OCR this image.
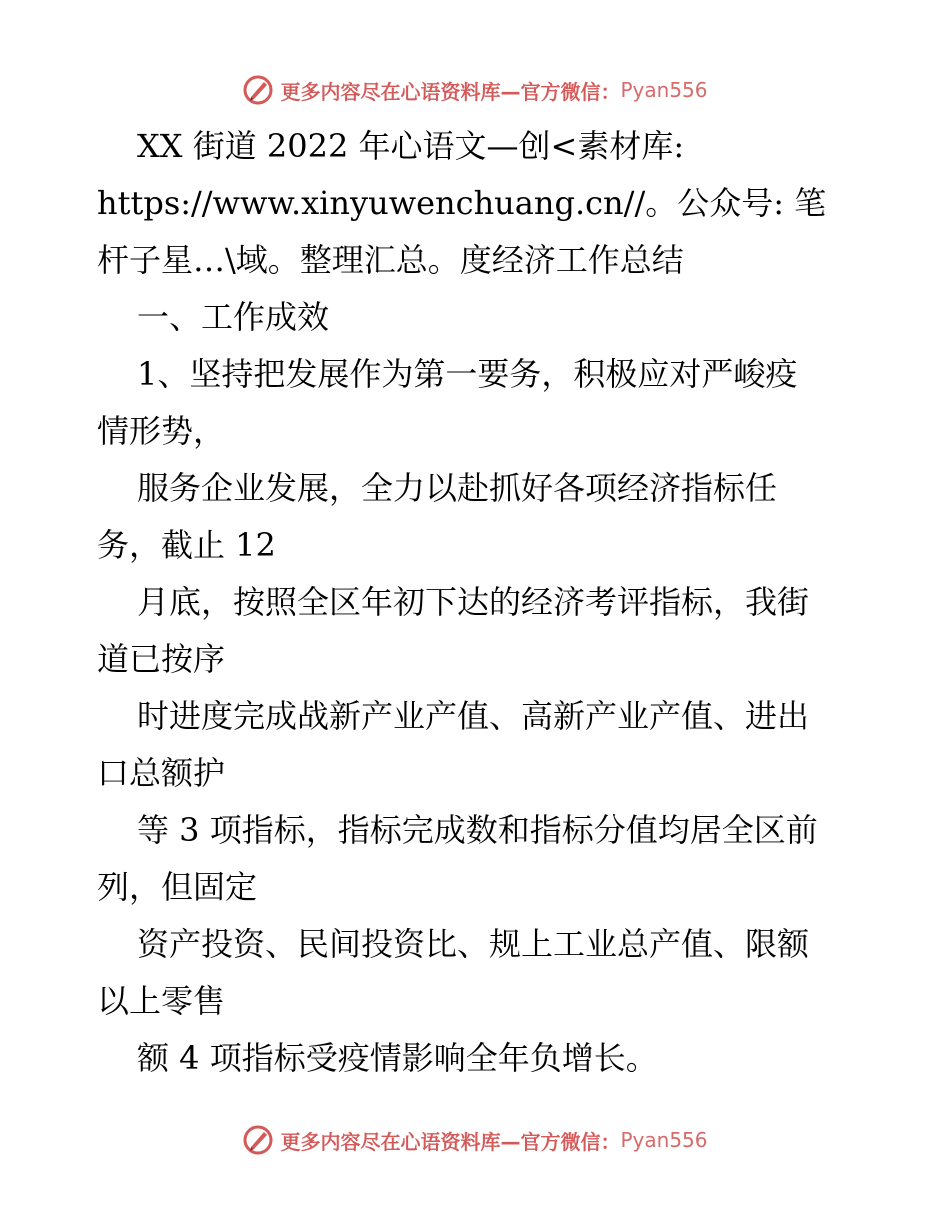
更多内容尽在心语资料库—官方微信： Pyan556
XX 街道 2022 年心语文—创<素材库:
https://www.xinyuwenchuang.cn//。公众号: 笔
杆子星…\域。整理汇总。度经济工作总结
一、工作成效
1、坚持把发展作为第一要务，积极应对严峻疫
情形势，
服务企业发展，全力以赴抓好各项经济指标任
务，截止 12
月底，按照全区年初下达的经济考评指标，我街
道已按序
时进度完成战新产业产值、高新产业产值、进出
口总额护
等 3 项指标，指标完成数和指标分值均居全区前
列，但固定
资产投资、民间投资比、规上工业总产值、限额
以上零售
额 4 项指标受疫情影响全年负增长。
更多内容尽在心语资料库—官方微信： Pyan556
